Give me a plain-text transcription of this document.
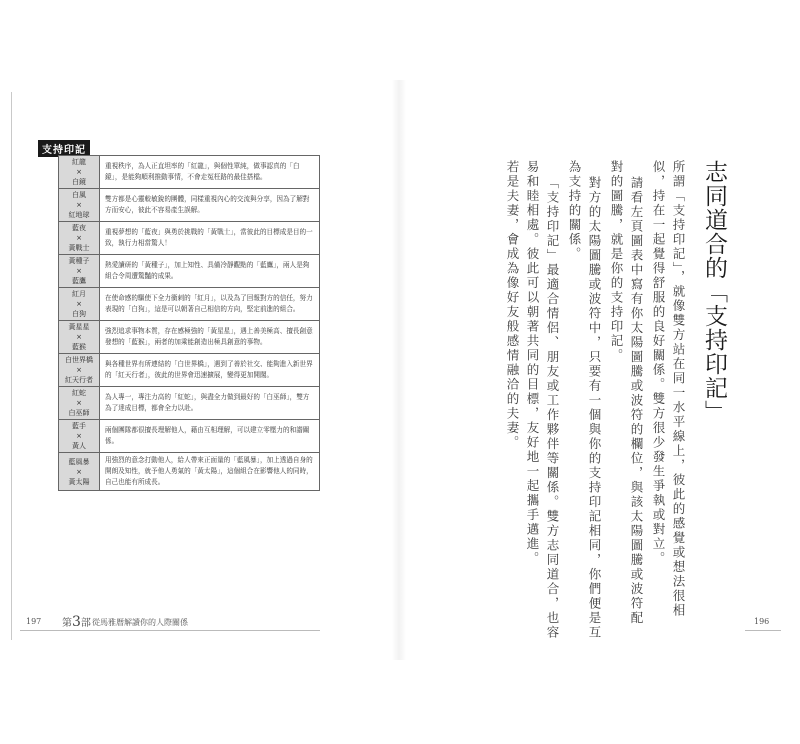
支持印記
紅龍
×
白鏡	重視秩序，為人正直坦率的「紅龍」，與個性單純，做事認真的「白鏡」，是能夠順利推動事情，不會走冤枉路的最佳搭檔。

白風
×
紅地球	雙方都是心靈較敏銳的團體，同樣重視內心的交流與分享，因為了解對方而安心，彼此不容易產生誤解。

藍夜
×
黃戰士	重視夢想的「藍夜」與勇於挑戰的「黃戰士」，當彼此的目標成是目的一致，執行力相當驚人！

黃種子
×
藍鷹	熱愛讀研的「黃種子」，加上知性、具備冷靜觀點的「藍鷹」，兩人是夠組合令周遭驚豔的成果。

紅月
×
白狗	在使命感的驅使下全力衝刺的「紅月」，以及為了回報對方的信任，努力表現的「白狗」，這是可以朝著自己相信的方向，堅定前進的組合。

黃星星
×
藍猴	強烈追求事物本質，存在感極強的「黃星星」，遇上善美極高、擅長創意發想的「藍猴」，兩者的加乘能創造出極具創意的事物。

白世界橋
×
紅天行者	與各種世界有所連結的「白世界橋」，遇到了善於社交、能夠進入新世界的「紅天行者」，彼此的世界會迅速擴展，變得更加開闊。

紅蛇
×
白巫師	為人專一，專注力高的「紅蛇」，與盡全力做到最好的「白巫師」，雙方為了達成目標，都會全力以赴。

藍手
×
黃人	兩個團隊都很擅長理解他人，藉由互相理解，可以建立零壓力的和諧關係。

藍風暴
×
黃太陽	用強烈的意念打動他人，給人帶來正面量的「藍風暴」，加上透過自身的開朗及知性，就予他人勇氣的「黃太陽」，這個組合在影響他人的同時，自己也能有所成長。
197 第3部 從馬雅曆解讀你的人際關係
志同道合的「支持印記」
所謂「支持印記」，就像雙方站在同一水平線上，彼此的感覺或想法很相
似，持在一起覺得舒服的良好關係。雙方很少發生爭執或對立。
請看左頁圖表中寫有你太陽圖騰或波符的欄位，與該太陽圖騰或波符配
對的圖騰，就是你的支持印記。
對方的太陽圖騰或波符中，只要有一個與你的支持印記相同，你們便是互
為支持的關係。
「支持印記」最適合情侶、朋友或工作夥伴等關係。雙方志同道合，也容
易和睦相處。彼此可以朝著共同的目標，友好地一起攜手邁進。
若是夫妻，會成為像好友般感情融洽的夫妻。
196
